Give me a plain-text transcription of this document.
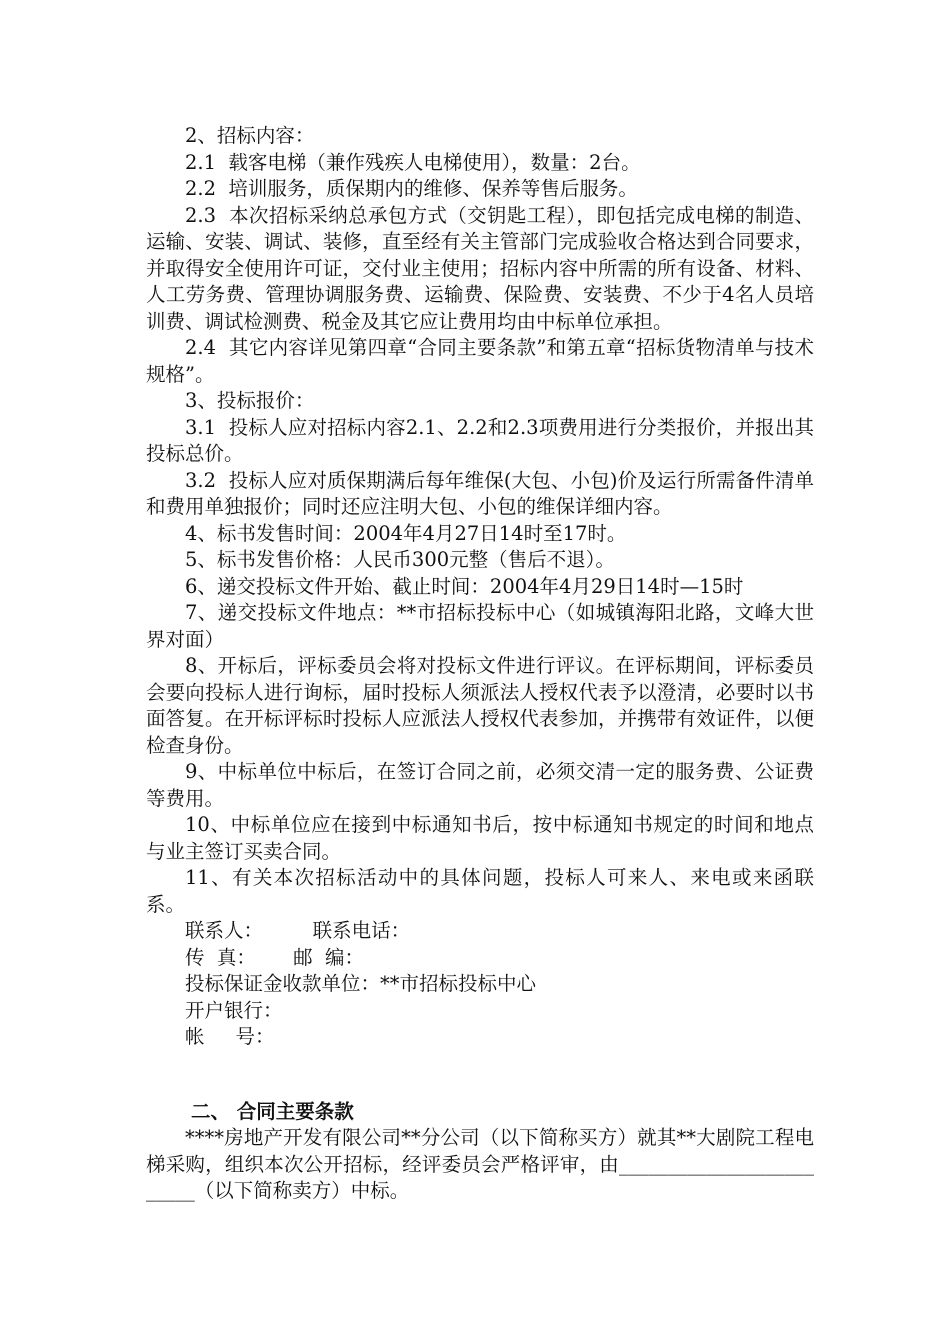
2、招标内容：

2.1  载客电梯（兼作残疾人电梯使用），数量：2台。

2.2  培训服务，质保期内的维修、保养等售后服务。

2.3  本次招标采纳总承包方式（交钥匙工程），即包括完成电梯的制造、运输、安装、调试、装修，直至经有关主管部门完成验收合格达到合同要求，并取得安全使用许可证，交付业主使用；招标内容中所需的所有设备、材料、人工劳务费、管理协调服务费、运输费、保险费、安装费、不少于4名人员培训费、调试检测费、税金及其它应让费用均由中标单位承担。

2.4  其它内容详见第四章“合同主要条款”和第五章“招标货物清单与技术规格”。

3、投标报价：

3.1  投标人应对招标内容2.1、2.2和2.3项费用进行分类报价，并报出其投标总价。

3.2  投标人应对质保期满后每年维保(大包、小包)价及运行所需备件清单和费用单独报价；同时还应注明大包、小包的维保详细内容。

4、标书发售时间：2004年4月27日14时至17时。

5、标书发售价格：人民币300元整（售后不退）。

6、递交投标文件开始、截止时间：2004年4月29日14时—15时

7、递交投标文件地点：**市招标投标中心（如城镇海阳北路，文峰大世界对面）

8、开标后，评标委员会将对投标文件进行评议。在评标期间，评标委员会要向投标人进行询标，届时投标人须派法人授权代表予以澄清，必要时以书面答复。在开标评标时投标人应派法人授权代表参加，并携带有效证件，以便检查身份。

9、中标单位中标后，在签订合同之前，必须交清一定的服务费、公证费等费用。

10、中标单位应在接到中标通知书后，按中标通知书规定的时间和地点与业主签订买卖合同。

11、有关本次招标活动中的具体问题，投标人可来人、来电或来函联系。

联系人：        联系电话：

传  真：      邮  编：

投标保证金收款单位：**市招标投标中心

开户银行：

帐     号：

二、 合同主要条款

****房地产开发有限公司**分公司（以下简称买方）就其**大剧院工程电梯采购，组织本次公开招标，经评委员会严格评审，由_________________________（以下简称卖方）中标。
